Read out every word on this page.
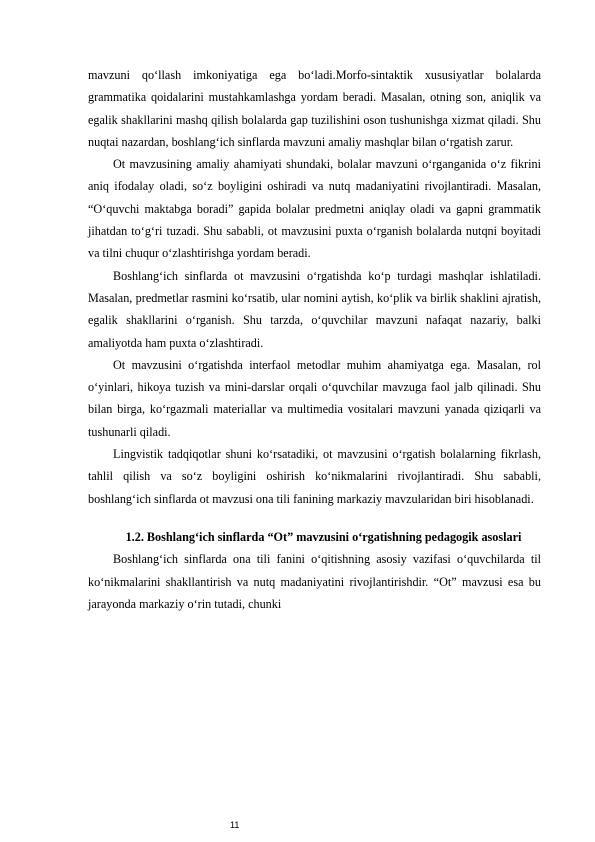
mavzuni qo‘llash imkoniyatiga ega bo‘ladi.Morfo-sintaktik xususiyatlar bolalarda grammatika qoidalarini mustahkamlashga yordam beradi. Masalan, otning son, aniqlik va egalik shakllarini mashq qilish bolalarda gap tuzilishini oson tushunishga xizmat qiladi. Shu nuqtai nazardan, boshlang‘ich sinflarda mavzuni amaliy mashqlar bilan o‘rgatish zarur.

Ot mavzusining amaliy ahamiyati shundaki, bolalar mavzuni o‘rganganida o‘z fikrini aniq ifodalay oladi, so‘z boyligini oshiradi va nutq madaniyatini rivojlantiradi. Masalan, “O‘quvchi maktabga boradi” gapida bolalar predmetni aniqlay oladi va gapni grammatik jihatdan to‘g‘ri tuzadi. Shu sababli, ot mavzusini puxta o‘rganish bolalarda nutqni boyitadi va tilni chuqur o‘zlashtirishga yordam beradi.

Boshlang‘ich sinflarda ot mavzusini o‘rgatishda ko‘p turdagi mashqlar ishlatiladi. Masalan, predmetlar rasmini ko‘rsatib, ular nomini aytish, ko‘plik va birlik shaklini ajratish, egalik shakllarini o‘rganish. Shu tarzda, o‘quvchilar mavzuni nafaqat nazariy, balki amaliyotda ham puxta o‘zlashtiradi.

Ot mavzusini o‘rgatishda interfaol metodlar muhim ahamiyatga ega. Masalan, rol o‘yinlari, hikoya tuzish va mini-darslar orqali o‘quvchilar mavzuga faol jalb qilinadi. Shu bilan birga, ko‘rgazmali materiallar va multimedia vositalari mavzuni yanada qiziqarli va tushunarli qiladi.

Lingvistik tadqiqotlar shuni ko‘rsatadiki, ot mavzusini o‘rgatish bolalarning fikrlash, tahlil qilish va so‘z boyligini oshirish ko‘nikmalarini rivojlantiradi. Shu sababli, boshlang‘ich sinflarda ot mavzusi ona tili fanining markaziy mavzularidan biri hisoblanadi.

1.2. Boshlang‘ich sinflarda “Ot” mavzusini o‘rgatishning pedagogik asoslari

Boshlang‘ich sinflarda ona tili fanini o‘qitishning asosiy vazifasi o‘quvchilarda til ko‘nikmalarini shakllantirish va nutq madaniyatini rivojlantirishdir. “Ot” mavzusi esa bu jarayonda markaziy o‘rin tutadi, chunki

11
